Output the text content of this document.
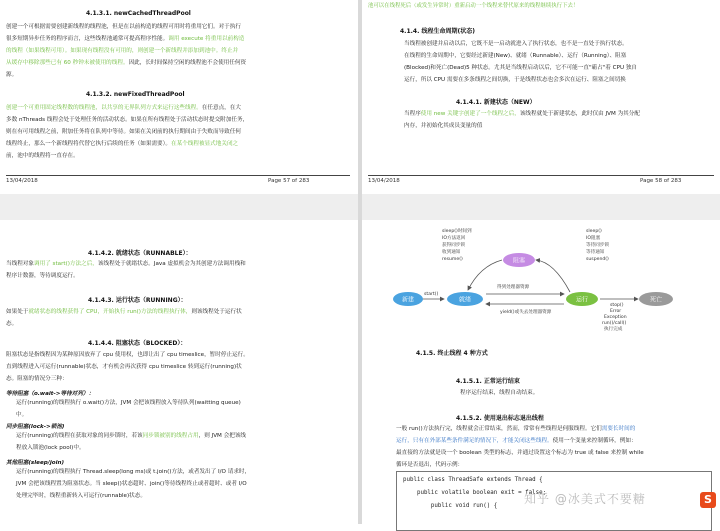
4.1.3.1. newCachedThreadPool
创建一个可根据需要创建新线程的线程池，但是在以前构造的线程可用时将重用它们。对于执行
很多短期异步任务的程序而言，这些线程池通常可提高程序性能。调用 execute 将重用以前构造
的线程（如果线程可用）。如果现有线程没有可用的，则创建一个新线程并添加到池中。终止并
从缓存中移除那些已有 60 秒钟未被使用的线程。因此，长时间保持空闲的线程池不会使用任何资
源。
4.1.3.2. newFixedThreadPool
创建一个可重用固定线程数的线程池，以共享的无界队列方式来运行这些线程。在任意点，在大
多数 nThreads 线程会处于处理任务的活动状态。如果在所有线程处于活动状态时提交附加任务，
则在有可用线程之前，附加任务将在队列中等待。如果在关闭前的执行期间由于失败而导致任何
线程终止，那么一个新线程将代替它执行后续的任务（如果需要）。在某个线程被显式地关闭之
前，池中的线程将一直存在。
13/04/2018	Page 57 of 283
池可以在线程死后（或发生异常时）重新启动一个线程来替代原来的线程继续执行下去！
4.1.4. 线程生命周期(状态)
当线程被创建并启动以后，它既不是一启动就进入了执行状态，也不是一直处于执行状态。
在线程的生命周期中，它要经过新建(New)、就绪（Runnable）、运行（Running）、阻塞
(Blocked)和死亡(Dead)5 种状态。尤其是当线程启动以后，它不可能一直"霸占"着 CPU 独自
运行，所以 CPU 需要在多条线程之间切换，于是线程状态也会多次在运行、阻塞之间切换
4.1.4.1. 新建状态（NEW）
当程序使用 new 关键字创建了一个线程之后，该线程就处于新建状态，此时仅由 JVM 为其分配
内存，并初始化其成员变量的值
13/04/2018	Page 58 of 283
4.1.4.2. 就绪状态（RUNNABLE）：
当线程对象调用了 start()方法之后，该线程处于就绪状态。Java 虚拟机会为其创建方法调用栈和
程序计数器，等待调度运行。
4.1.4.3. 运行状态（RUNNING）：
如果处于就绪状态的线程获得了 CPU，开始执行 run()方法的线程执行体，则该线程处于运行状
态。
4.1.4.4. 阻塞状态（BLOCKED）：
阻塞状态是指线程因为某种原因放弃了 cpu 使用权，也即让出了 cpu timeslice，暂时停止运行。
直到线程进入可运行(runnable)状态，才有机会再次获得 cpu timeslice 转到运行(running)状
态。阻塞的情况分三种：
等待阻塞（o.wait->等待对列）：
运行(running)的线程执行 o.wait()方法，JVM 会把该线程放入等待队列(waitting queue)
中。
同步阻塞(lock->锁池)
运行(running)的线程在获取对象的同步锁时，若该同步锁被别的线程占用，则 JVM 会把该线
程放入锁池(lock pool)中。
其他阻塞(sleep/join)
运行(running)的线程执行 Thread.sleep(long ms)或 t.join()方法，或者发出了 I/O 请求时，
JVM 会把该线程置为阻塞状态。当 sleep()状态超时、join()等待线程终止或者超时、或者 I/O
处理完毕时，线程重新转入可运行(runnable)状态。
新建	就绪
阻塞
运行	死亡
start()
得到处理器资源
yield()或失去处理器资源
sleep()时间到 IO方法返回 获得同步锁 收到通知 resume()
sleep() IO阻塞 等待同步锁 等待通知 suspend()
stop() Error Exception run()/call()
执行完成
4.1.5. 终止线程 4 种方式
4.1.5.1. 正常运行结束
程序运行结束，线程自动结束。
4.1.5.2. 使用退出标志退出线程
一般 run()方法执行完，线程就会正常结束，然而，常常有些线程是伺服线程。它们需要长时间的
运行，只有在外部某些条件满足的情况下，才能关闭这些线程。使用一个变量来控制循环，例如：
最直接的方法就是设一个 boolean 类型的标志，并通过设置这个标志为 true 或 false 来控制 while
循环是否退出，代码示例：
public class ThreadSafe extends Thread {
public volatile boolean exit = false;
public void run() {	知乎 @冰美式不要糖	S
